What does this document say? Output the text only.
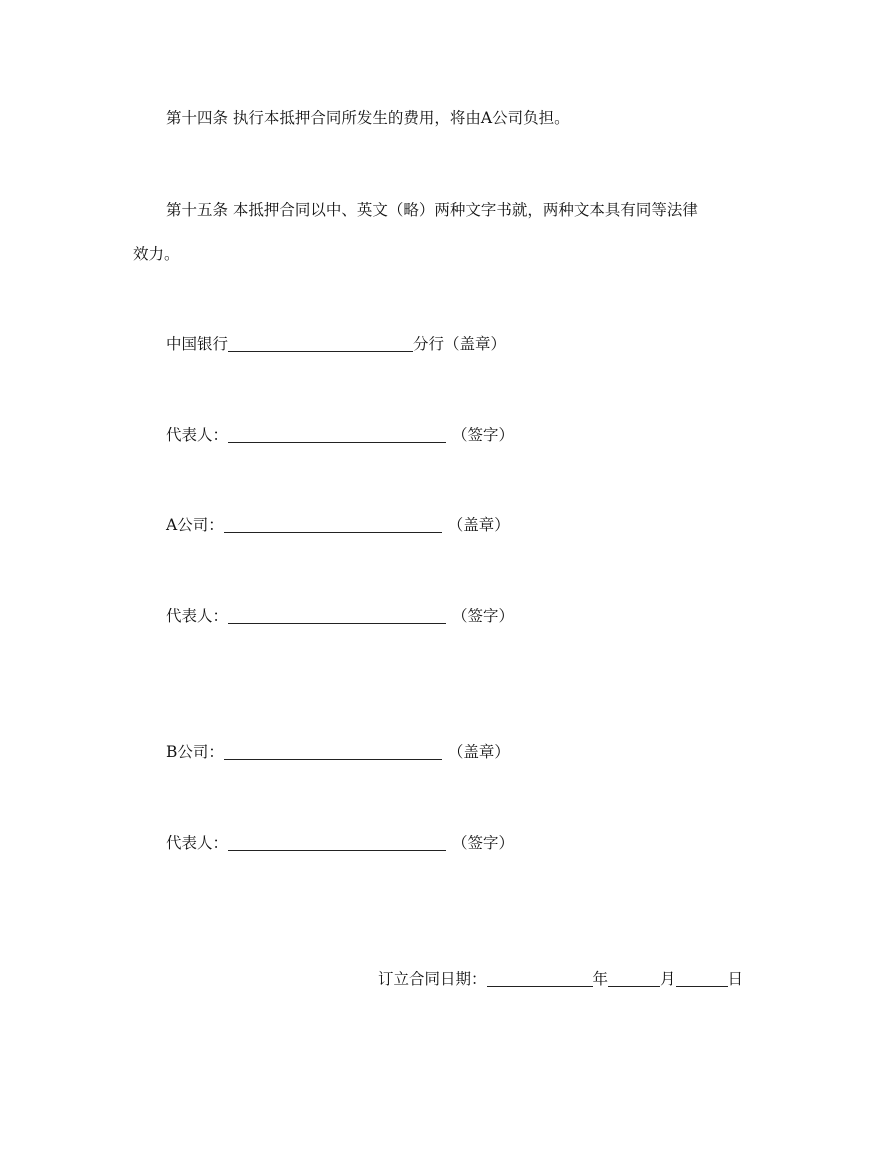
第十四条 执行本抵押合同所发生的费用，将由A公司负担。
第十五条 本抵押合同以中、英文（略）两种文字书就，两种文本具有同等法律
效力。
中国银行	分行（盖章）
代表人：	（签字）
A公司：	（盖章）
代表人：	（签字）
B公司：	（盖章）
代表人：	（签字）
订立合同日期：	年	月	日
